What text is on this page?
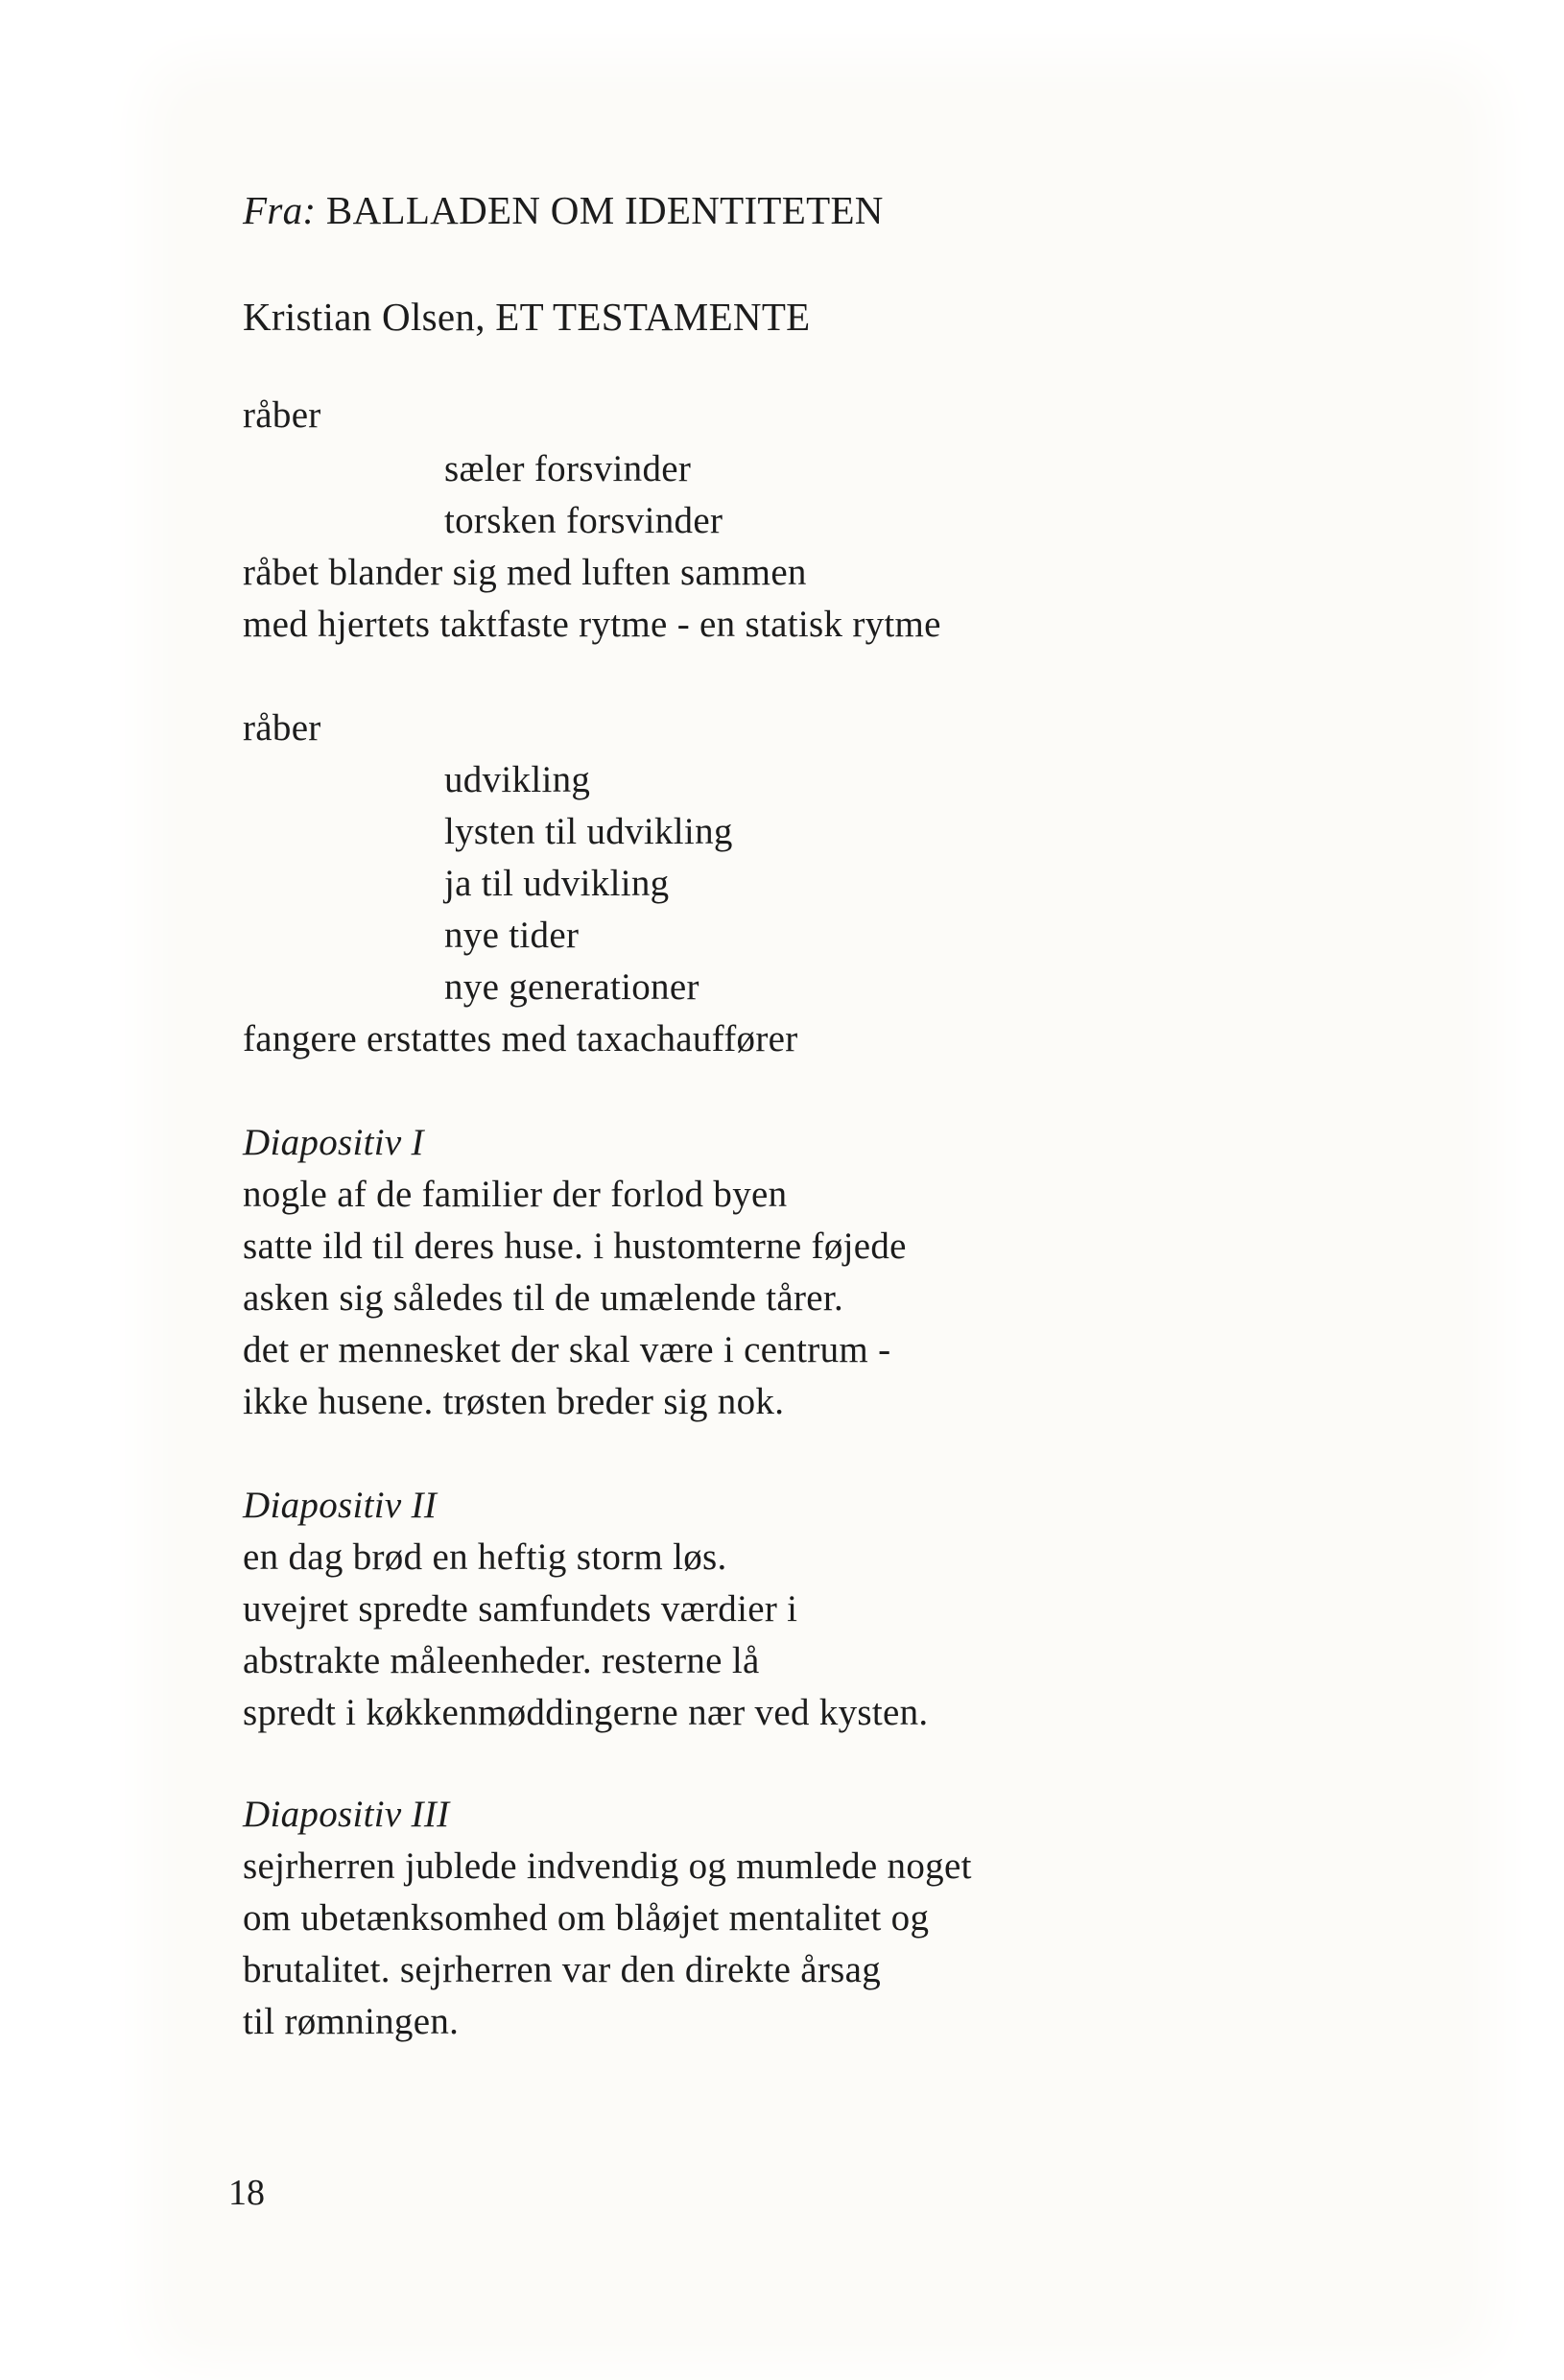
Fra: BALLADEN OM IDENTITETEN
Kristian Olsen, ET TESTAMENTE
råber
sæler forsvinder
torsken forsvinder
råbet blander sig med luften sammen
med hjertets taktfaste rytme - en statisk rytme
råber
udvikling
lysten til udvikling
ja til udvikling
nye tider
nye generationer
fangere erstattes med taxachauffører
Diapositiv I
nogle af de familier der forlod byen
satte ild til deres huse. i hustomterne føjede
asken sig således til de umælende tårer.
det er mennesket der skal være i centrum -
ikke husene. trøsten breder sig nok.
Diapositiv II
en dag brød en heftig storm løs.
uvejret spredte samfundets værdier i
abstrakte måleenheder. resterne lå
spredt i køkkenmøddingerne nær ved kysten.
Diapositiv III
sejrherren jublede indvendig og mumlede noget
om ubetænksomhed om blåøjet mentalitet og
brutalitet. sejrherren var den direkte årsag
til rømningen.
18
